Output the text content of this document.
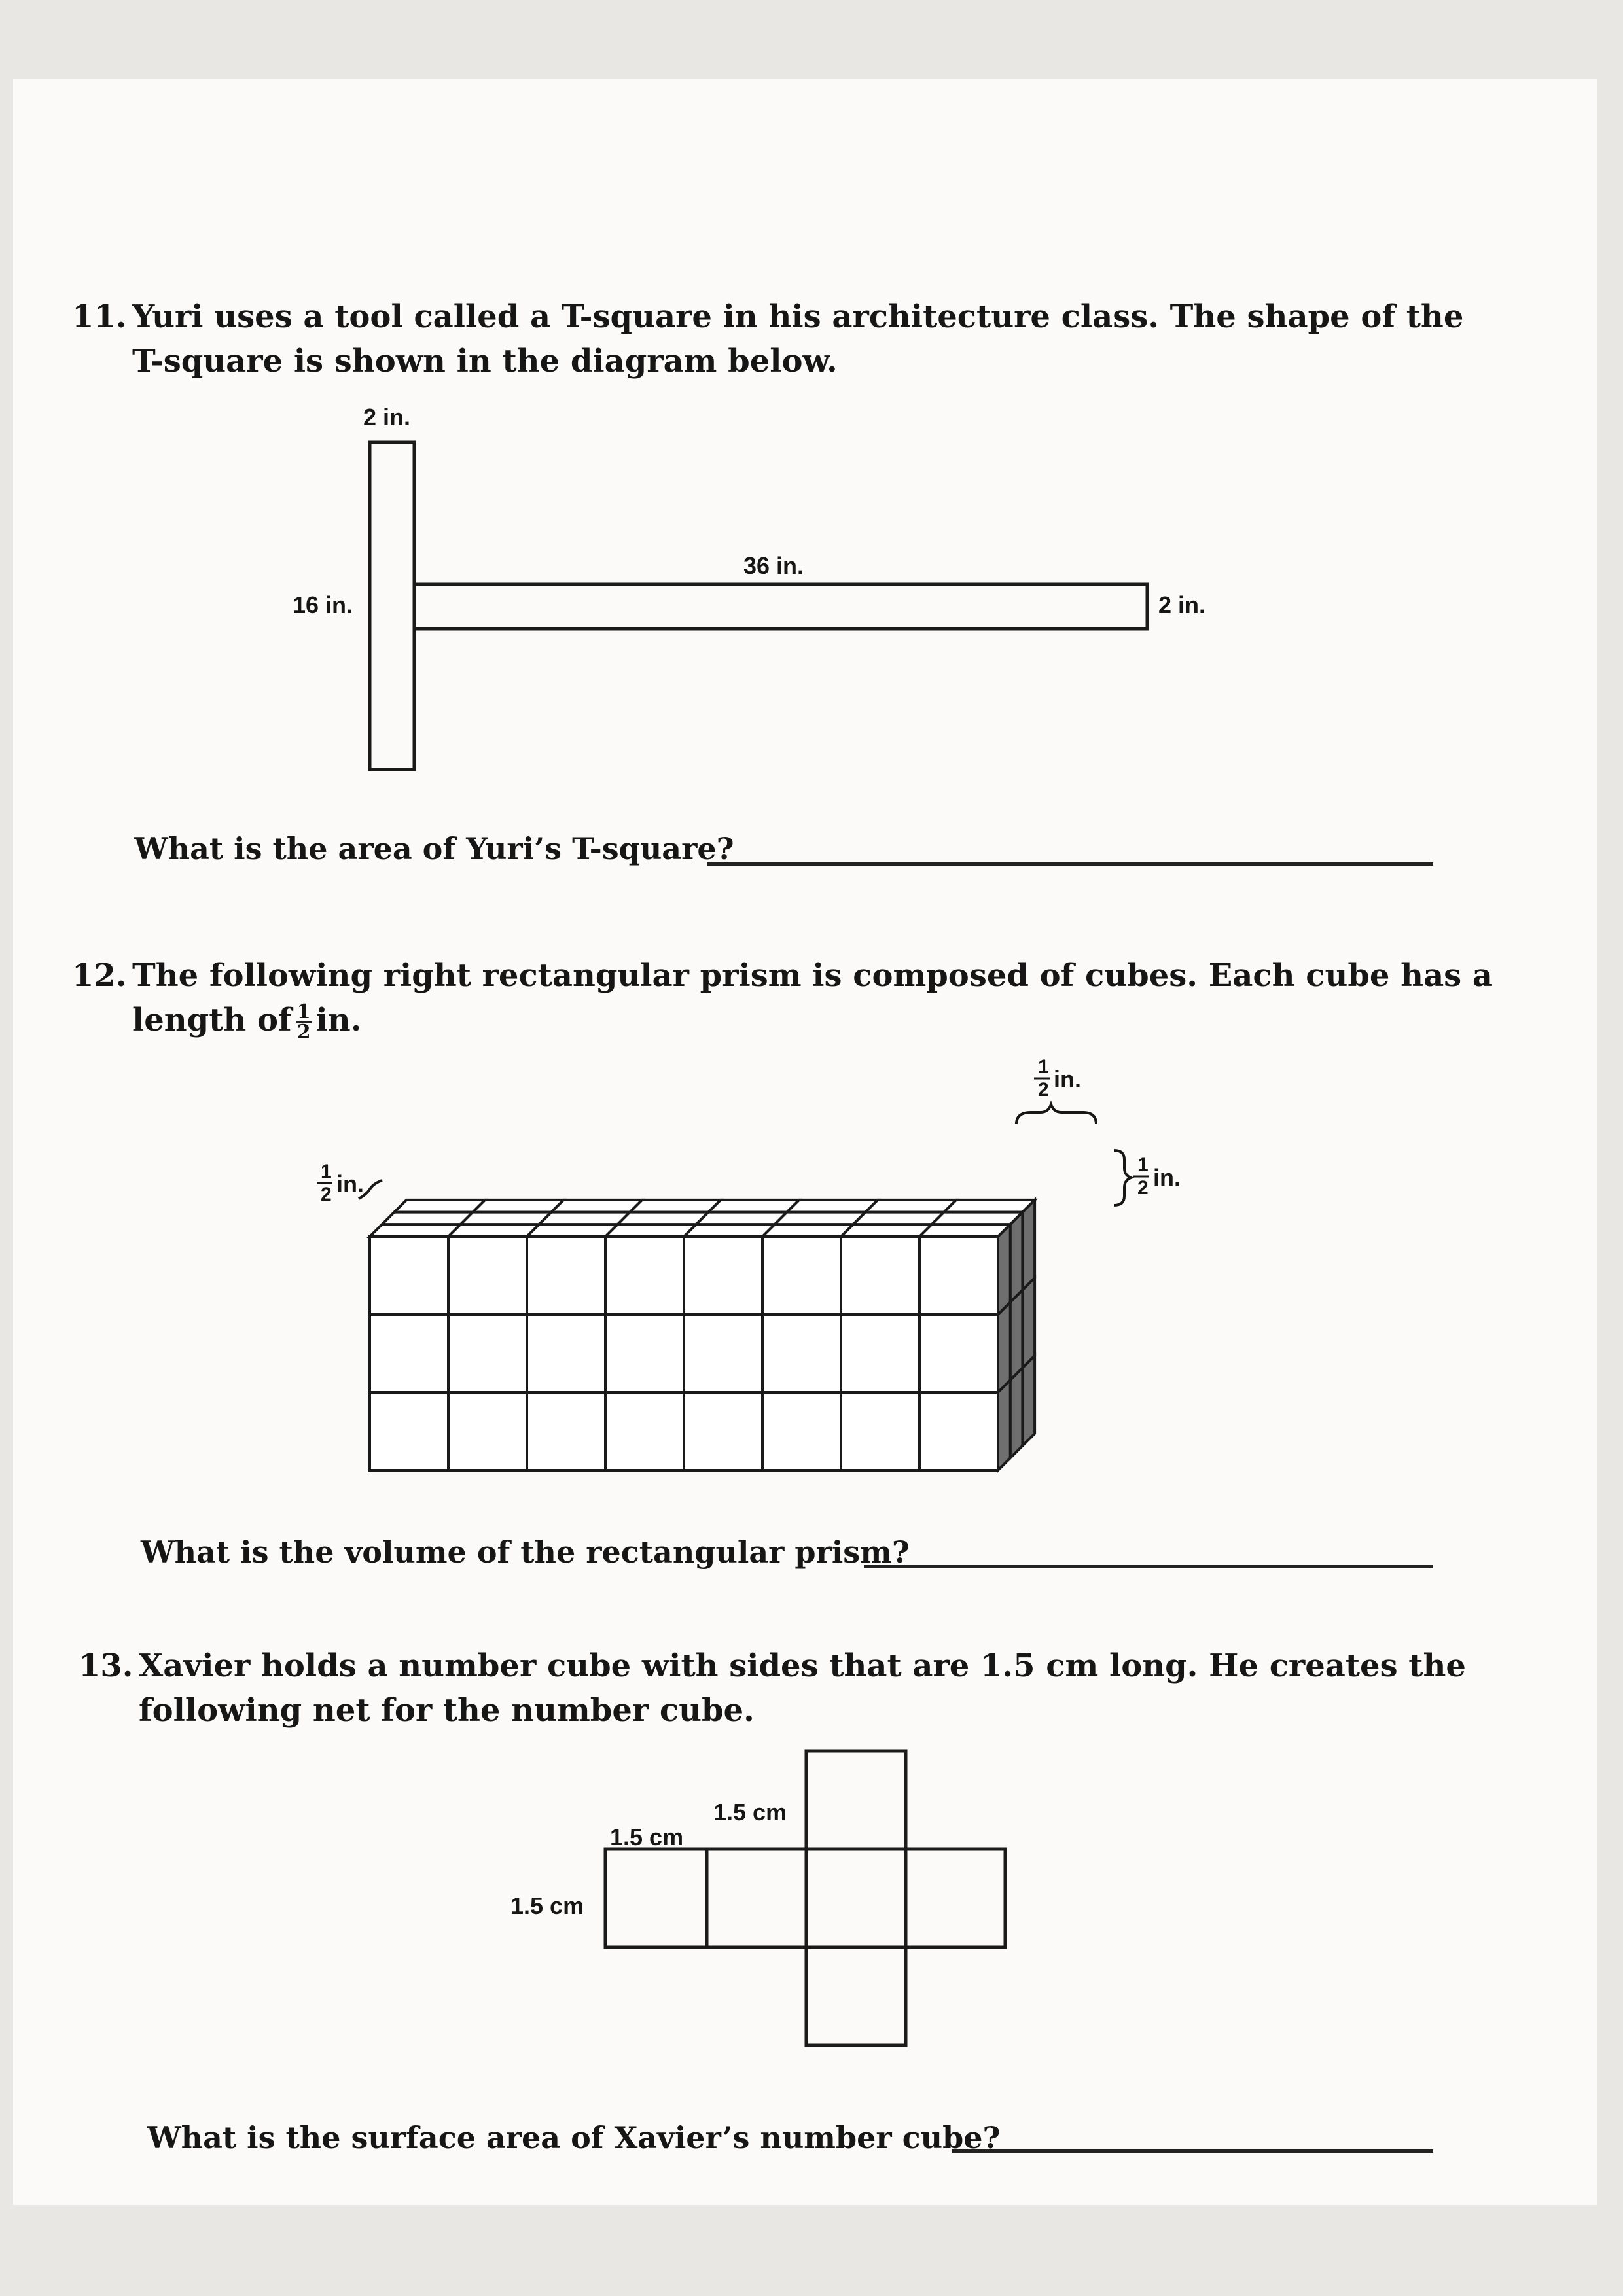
11. Yuri uses a tool called a T-square in his architecture class. The shape of the
T-square is shown in the diagram below.
2 in.
16 in.
36 in.
2 in.
What is the area of Yuri’s T-square?
12. The following right rectangular prism is composed of cubes. Each cube has a
length of $\frac{1}{2}$ in.
1
2 in.
1
2 in.
1
2 in.
What is the volume of the rectangular prism?
13. Xavier holds a number cube with sides that are 1.5 cm long. He creates the
following net for the number cube.
1.5 cm
1.5 cm
1.5 cm
What is the surface area of Xavier’s number cube?
